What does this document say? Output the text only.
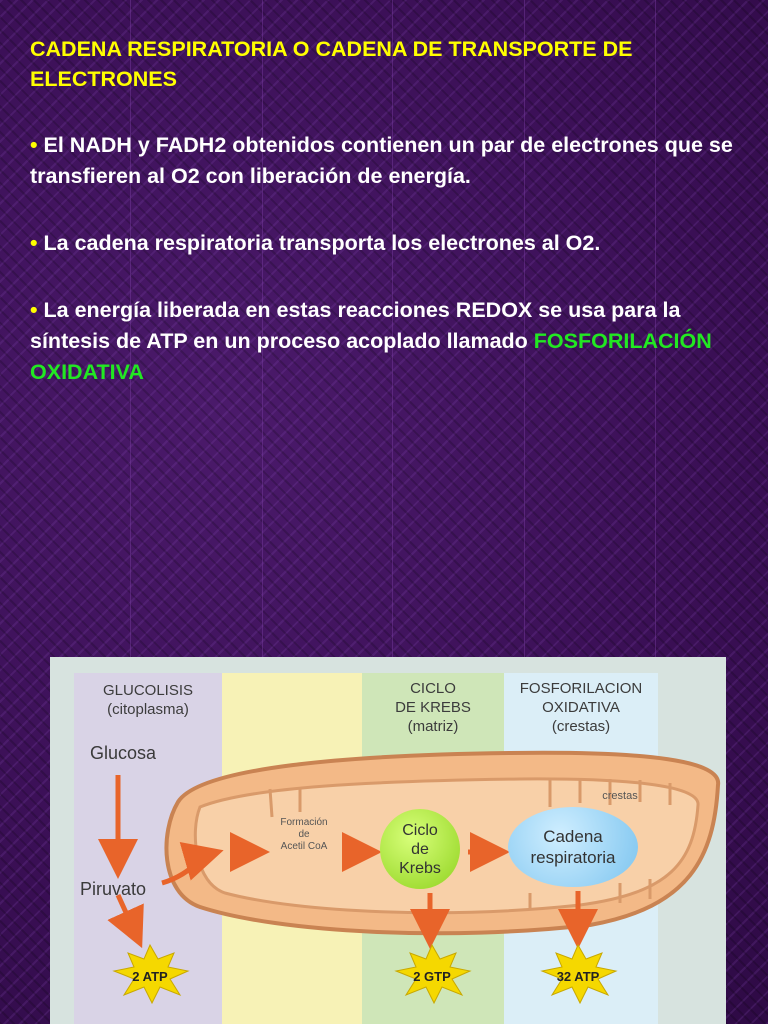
CADENA RESPIRATORIA O CADENA DE TRANSPORTE DE ELECTRONES

• El NADH y FADH2 obtenidos contienen un par de electrones que se transfieren al O2 con liberación de energía.

• La cadena respiratoria transporta los electrones al O2.

• La energía liberada en estas reacciones REDOX se usa para la síntesis de ATP en un proceso acoplado llamado FOSFORILACIÓN OXIDATIVA

GLUCOLISIS
(citoplasma)
CICLO
DE KREBS
(matriz)
FOSFORILACION
OXIDATIVA
(crestas)
Glucosa
Piruvato
Formación
de
Acetil CoA
crestas
Ciclo
de
Krebs
Cadena
respiratoria
2 ATP	2 GTP	32 ATP
